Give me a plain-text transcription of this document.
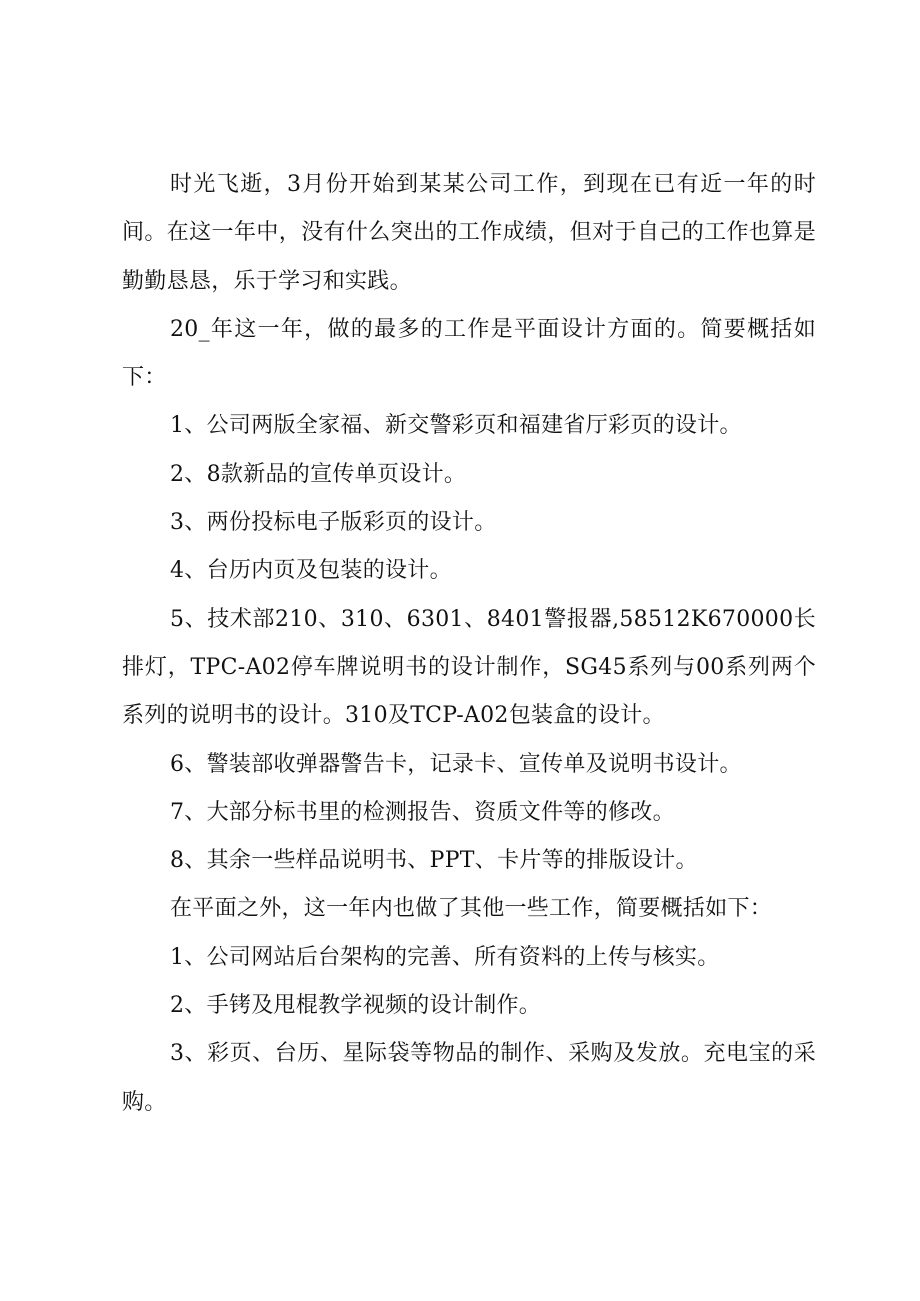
时光飞逝，3月份开始到某某公司工作，到现在已有近一年的时间。在这一年中，没有什么突出的工作成绩，但对于自己的工作也算是勤勤恳恳，乐于学习和实践。

20_年这一年，做的最多的工作是平面设计方面的。简要概括如下：

1、公司两版全家福、新交警彩页和福建省厅彩页的设计。

2、8款新品的宣传单页设计。

3、两份投标电子版彩页的设计。

4、台历内页及包装的设计。

5、技术部210、310、6301、8401警报器,58512K670000长排灯，TPC-A02停车牌说明书的设计制作，SG45系列与00系列两个系列的说明书的设计。310及TCP-A02包装盒的设计。

6、警装部收弹器警告卡，记录卡、宣传单及说明书设计。

7、大部分标书里的检测报告、资质文件等的修改。

8、其余一些样品说明书、PPT、卡片等的排版设计。

在平面之外，这一年内也做了其他一些工作，简要概括如下：

1、公司网站后台架构的完善、所有资料的上传与核实。

2、手铐及甩棍教学视频的设计制作。

3、彩页、台历、星际袋等物品的制作、采购及发放。充电宝的采购。
